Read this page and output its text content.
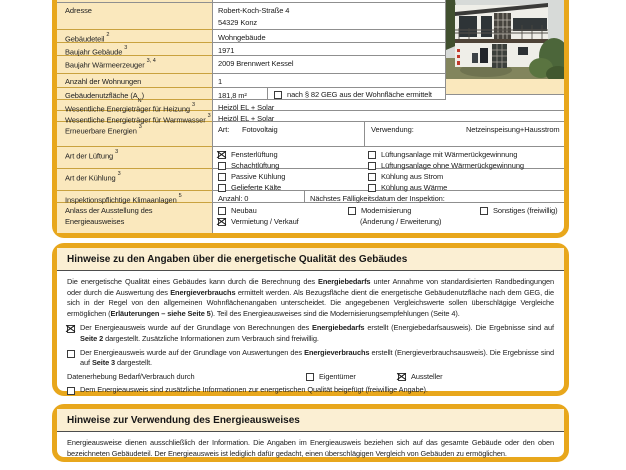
Adresse	Robert-Koch-Straße 4
54329 Konz
Gebäudeteil $^2$	Wohngebäude
Baujahr Gebäude $^3$	1971
Baujahr Wärmeerzeuger $^{3, 4}$	2009 Brennwert Kessel
Anzahl der Wohnungen	1
Gebäudenutzfläche $(A_N)$	181,8 m²	nach § 82 GEG aus der Wohnfläche ermittelt
Wesentliche Energieträger für Heizung $^3$	Heizöl EL + Solar
Wesentliche Energieträger für Warmwasser $^3$ Heizöl EL + Solar
Erneuerbare Energien $^3$	Art: Fotovoltaig	Verwendung:	Netzeinspeisung+Hausstrom
Art der Lüftung $^3$	Fensterlüftung	Lüftungsanlage mit Wärmerückgewinnung
Schachtlüftung	Lüftungsanlage ohne Wärmerückgewinnung
Art der Kühlung $^3$	Passive Kühlung	Kühlung aus Strom
Gelieferte Kälte	Kühlung aus Wärme
Inspektionspflichtige Klimaanlagen $^5$	Anzahl: 0	Nächstes Fälligkeitsdatum der Inspektion:
Anlass der Ausstellung des
Energieausweises
Neubau	Modernisierung	Sonstiges (freiwillig)
Vermietung / Verkauf	(Änderung / Erweiterung)
Hinweise zu den Angaben über die energetische Qualität des Gebäudes

Die energetische Qualität eines Gebäudes kann durch die Berechnung des Energiebedarfs unter Annahme von standardisierten Randbedingungen oder durch die Auswertung des Energieverbrauchs ermittelt werden. Als Bezugsfläche dient die energetische Gebäudenutzfläche nach dem GEG, die sich in der Regel von den allgemeinen Wohnflächenangaben unterscheidet. Die angegebenen Vergleichswerte sollen überschlägige Vergleiche ermöglichen (Erläuterungen – siehe Seite 5). Teil des Energieausweises sind die Modernisierungsempfehlungen (Seite 4).

Der Energieausweis wurde auf der Grundlage von Berechnungen des Energiebedarfs erstellt (Energiebedarfsausweis). Die Ergebnisse sind auf Seite 2 dargestellt. Zusätzliche Informationen zum Verbrauch sind freiwillig.
Der Energieausweis wurde auf der Grundlage von Auswertungen des Energieverbrauchs erstellt (Energieverbrauchsausweis). Die Ergebnisse sind auf Seite 3 dargestellt.
Datenerhebung Bedarf/Verbrauch durch	Eigentümer	Aussteller
Dem Energieausweis sind zusätzliche Informationen zur energetischen Qualität beigefügt (freiwillige Angabe).
Hinweise zur Verwendung des Energieausweises

Energieausweise dienen ausschließlich der Information. Die Angaben im Energieausweis beziehen sich auf das gesamte Gebäude oder den oben bezeichneten Gebäudeteil. Der Energieausweis ist lediglich dafür gedacht, einen überschlägigen Vergleich von Gebäuden zu ermöglichen.
